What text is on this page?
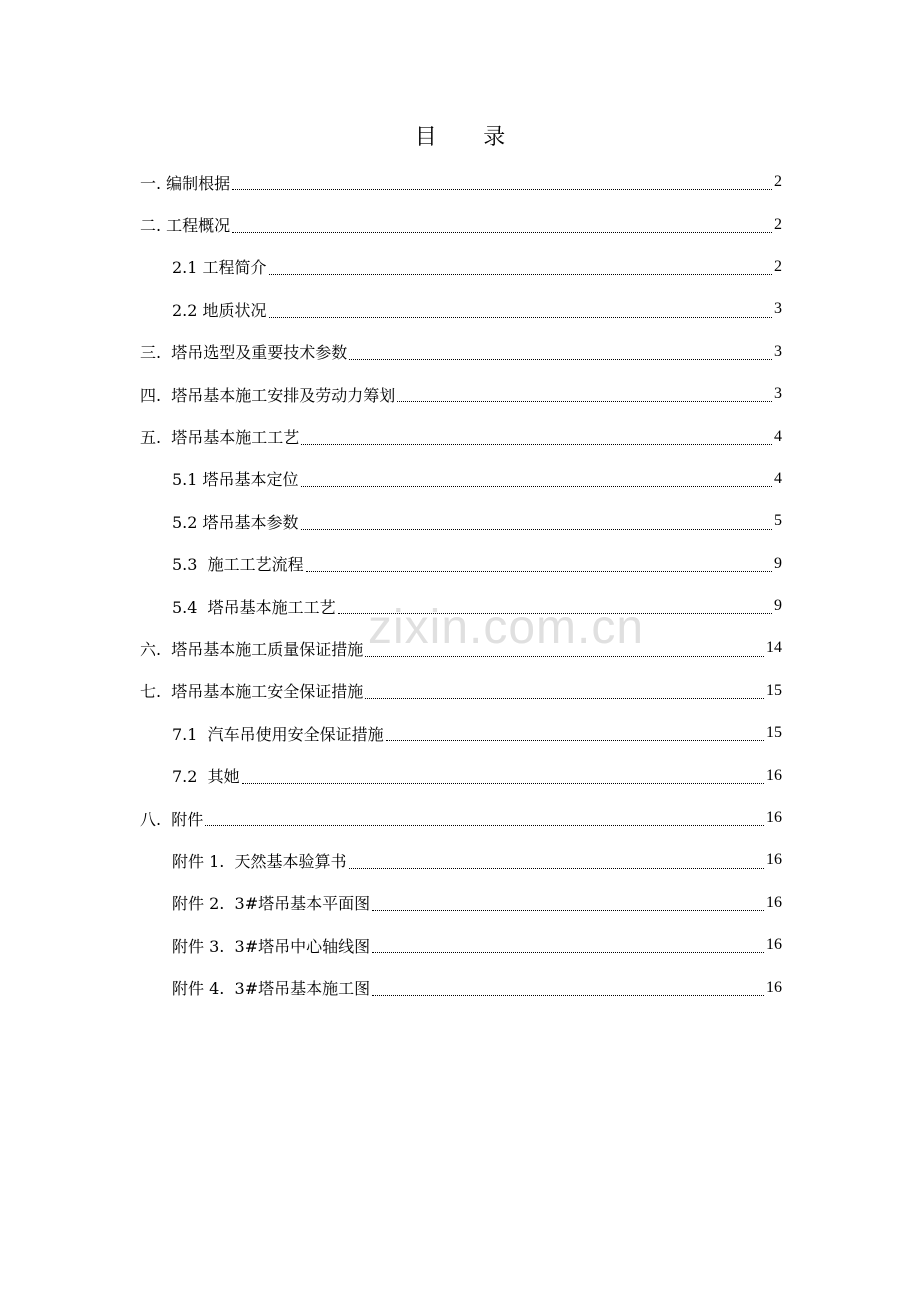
目 录
一. 编制根据	2
二. 工程概况	2
2.1 工程简介	2
2.2 地质状况	3
三.  塔吊选型及重要技术参数	3
四.  塔吊基本施工安排及劳动力筹划	3
五.  塔吊基本施工工艺	4
5.1 塔吊基本定位	4
5.2 塔吊基本参数	5
5.3  施工工艺流程	9
5.4  塔吊基本施工工艺	9
六.  塔吊基本施工质量保证措施	14
七.  塔吊基本施工安全保证措施	15
7.1  汽车吊使用安全保证措施	15
7.2  其她	16
八.  附件	16
附件 1.  天然基本验算书	16
附件 2.  3#塔吊基本平面图	16
附件 3.  3#塔吊中心轴线图	16
附件 4.  3#塔吊基本施工图	16
zixin.com.cn
